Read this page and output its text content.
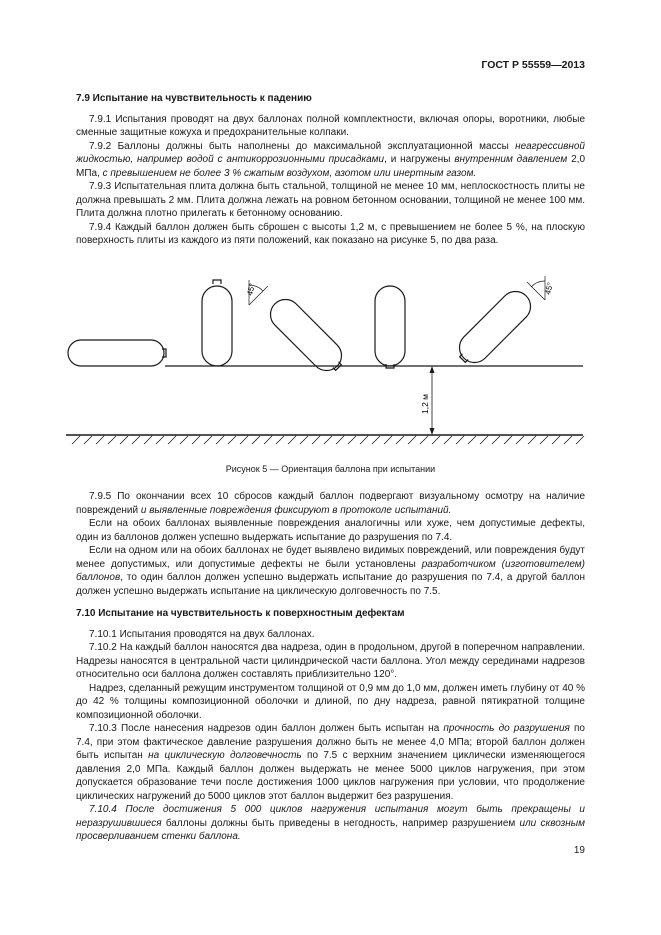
ГОСТ Р 55559—2013
7.9 Испытание на чувствительность к падению

7.9.1 Испытания проводят на двух баллонах полной комплектности, включая опоры, воротники, любые сменные защитные кожуха и предохранительные колпаки.

7.9.2 Баллоны должны быть наполнены до максимальной эксплуатационной массы неагрессивной жидкостью, например водой с антикоррозионными присадками, и нагружены внутренним давлением 2,0 МПа, с превышением не более 3 % сжатым воздухом, азотом или инертным газом.

7.9.3 Испытательная плита должна быть стальной, толщиной не менее 10 мм, неплоскостность плиты не должна превышать 2 мм. Плита должна лежать на ровном бетонном основании, толщиной не менее 100 мм. Плита должна плотно прилегать к бетонному основанию.

7.9.4 Каждый баллон должен быть сброшен с высоты 1,2 м, с превышением не более 5 %, на плоскую поверхность плиты из каждого из пяти положений, как показано на рисунке 5, по два раза.

45°	45°
1,2 м
Рисунок 5 — Ориентация баллона при испытании

7.9.5 По окончании всех 10 сбросов каждый баллон подвергают визуальному осмотру на наличие повреждений и выявленные повреждения фиксируют в протоколе испытаний.

Если на обоих баллонах выявленные повреждения аналогичны или хуже, чем допустимые дефекты, один из баллонов должен успешно выдержать испытание до разрушения по 7.4.

Если на одном или на обоих баллонах не будет выявлено видимых повреждений, или повреждения будут менее допустимых, или допустимые дефекты не были установлены разработчиком (изготовителем) баллонов, то один баллон должен успешно выдержать испытание до разрушения по 7.4, а другой баллон должен успешно выдержать испытание на циклическую долговечность по 7.5.

7.10 Испытание на чувствительность к поверхностным дефектам

7.10.1 Испытания проводятся на двух баллонах.

7.10.2 На каждый баллон наносятся два надреза, один в продольном, другой в поперечном направлении. Надрезы наносятся в центральной части цилиндрической части баллона. Угол между серединами надрезов относительно оси баллона должен составлять приблизительно 120°.

Надрез, сделанный режущим инструментом толщиной от 0,9 мм до 1,0 мм, должен иметь глубину от 40 % до 42 % толщины композиционной оболочки и длиной, по дну надреза, равной пятикратной толщине композиционной оболочки.

7.10.3 После нанесения надрезов один баллон должен быть испытан на прочность до разрушения по 7.4, при этом фактическое давление разрушения должно быть не менее 4,0 МПа; второй баллон должен быть испытан на циклическую долговечность по 7.5 с верхним значением циклически изменяющегося давления 2,0 МПа. Каждый баллон должен выдержать не менее 5000 циклов нагружения, при этом допускается образование течи после достижения 1000 циклов нагружения при условии, что продолжение циклических нагружений до 5000 циклов этот баллон выдержит без разрушения.

7.10.4 После достижения 5 000 циклов нагружения испытания могут быть прекращены и неразрушившиеся баллоны должны быть приведены в негодность, например разрушением или сквозным просверливанием стенки баллона.

19
